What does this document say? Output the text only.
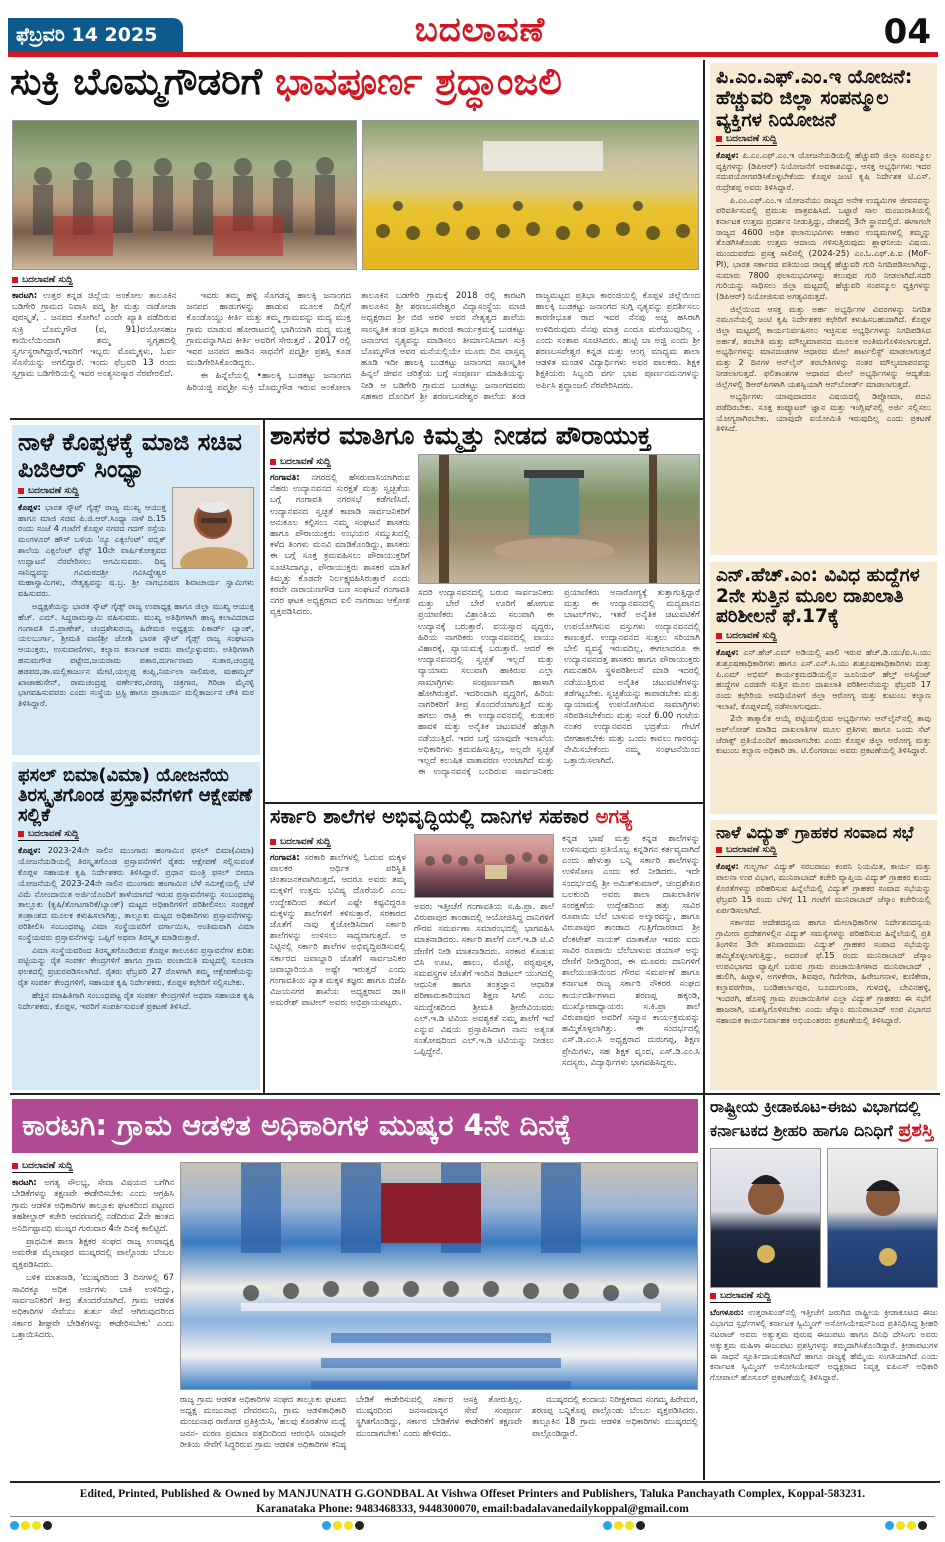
ಫೆಬ್ರವರಿ 14 2025	ಬದಲಾವಣೆ	04
ಸುಕ್ರಿ ಬೊಮ್ಮಗೌಡರಿಗೆ ಭಾವಪೂರ್ಣ ಶ್ರದ್ಧಾಂಜಲಿ
ಬದಲಾವಣೆ ಸುದ್ದಿ

ಕಾರಟಗಿ: ಉತ್ತರ ಕನ್ನಡ ಜಿಲ್ಲೆಯ ಅಂಕೋಲ ತಾಲೂಕಿನ ಬಡಿಗೇರಿ ಗ್ರಾಮದ ನಿವಾಸಿ ಪದ್ಮ ಶ್ರೀ ಮತ್ತು ನಾಡೋಜಾ ಪುರಸ್ಕೃತೆ, . ಜನಪದ ಕೋಗಿಲೆ ಎಂದೇ ಖ್ಯಾತಿ ಪಡೆದಿರುವ ಸುಕ್ರಿ ಬೊಮ್ಮಗೌಡ (ವ, 91)ವಯೋಸಹಜ ಕಾಯಿಲೆಯಿಂದಾಗಿ ತಮ್ಮ ಸ್ವಗೃಹದಲ್ಲಿ ಸ್ವರ್ಗಸ್ಥರಾಗಿದ್ದಾರೆ,ಇವರಿಗೆ ಇಬ್ಬರು ಮೊಮ್ಮಕ್ಕಳು, ಓರ್ವ ಸೊಸೆಯನ್ನು ಅಗಲಿದ್ದಾರೆ. ಇಂದು ಫೆಬ್ರವರಿ 13 ರಂದು ಸ್ವಗ್ರಾಮ ಬಡಿಗೇರಿಯಲ್ಲಿ ಇವರ ಅಂತ್ಯಸಂಸ್ಕಾರ ನೆರವೇರಲಿದೆ.

ಇವರು ತಮ್ಮ ಹಳ್ಳಿ ಸೊಗಡನ್ನ ಹಾಲಕ್ಕಿ ಜನಾಂಗದ ಜನಪದ ಹಾಡುಗಳನ್ನು ಹಾಡುವ ಮೂಲಕ ದಿಲ್ಲಿಗೆ ಕೊಂಡೊಯ್ದು ಕೀರ್ತಿ ಮತ್ತು ತಮ್ಮ ಗ್ರಾಮವನ್ನು ಮದ್ಯ ಮುಕ್ತ ಗ್ರಾಮ ಮಾಡುವ ಹೋರಾಟದಲ್ಲಿ ಭಾಗಿಯಾಗಿ ಮದ್ಯ ಮುಕ್ತ ಗ್ರಾಮವನ್ನಾಗಿಸಿದ ಕೀರ್ತಿ ಅವರಿಗೆ ಸೇರುತ್ತದೆ . 2017 ರಲ್ಲಿ ಇವರ ಜನಪದ ಹಾಡಿನ ಸಾಧನೆಗೆ ಪದ್ಮಶ್ರೀ ಪ್ರಶಸ್ತಿ ಕೂಡ ಮುಡಿಗೇರಿಸಿಕೊಂಡಿದ್ದರು.

ಈ ಹಿನ್ನೆಲೆಯಲ್ಲಿ •ಹಾಲಕ್ಕಿ ಬುಡಕಟ್ಟು ಜನಾಂಗದ ಹಿರಿಯಜ್ಜಿ ಪದ್ಮಶ್ರೀ ಸುಕ್ರಿ ಬೊಮ್ಮಗೌಡ ಇರುವ ಅಂಕೋಲಾ ತಾಲೂಕಿನ ಬಡಗೇರಿ ಗ್ರಾಮಕ್ಕೆ 2018 ರಲ್ಲಿ ಕಾರಟಗಿ ತಾಲೂಕಿನ ಶ್ರೀ ಶರಣಬಸವೇಶ್ವರ ವಿದ್ಯಾಸಂಸ್ಥೆಯ ಮಾಜಿ ಅಧ್ಯಕ್ಷರಾದ ಶ್ರೀ ಬಿಜಿ ಅರಳಿ ಅವರ ನೇತೃತ್ವದ ಶಾಲೆಯ ಸಾಂಸ್ಕೃತಿಕ ತಂಡ ಪ್ರತಿಭಾ ಕಾರಂಜಿ ಕಾರ್ಯಕ್ರಮಕ್ಕೆ ಬುಡಕಟ್ಟು ಜನಾಂಗದ ನೃತ್ಯವನ್ನು ಮಾಡಿಸಲು ತೀರ್ಮಾನಿಸಿದಾಗ ಸುಕ್ರಿ ಬೊಮ್ಮಗೌಡ ಅವರ ಮನೆಯಲ್ಲಿಯೇ ಮೂರು ದಿನ ವಾಸ್ತವ್ಯ ಹೂಡಿ ಇದೀ ಹಾಲಕ್ಕಿ ಬುಡಕಟ್ಟು ಜನಾಂಗದ ಸಾಂಸ್ಕೃತಿಕ ಹಿನ್ನಲೆ ಜೀವನ ಚರಿತ್ರೆಯ ಬಗ್ಗೆ ಸಂಪೂರ್ಣ ಮಾಹಿತಿಯನ್ನು ನೀಡಿ ಆ ಬಡಿಗೇರಿ ಗ್ರಾಮದ ಬುಡಕಟ್ಟು ಜನಾಂಗದವರು ಸಹಕಾರ ದೊಂದಿಗೆ ಶ್ರೀ ಶರಣಬಸವೇಶ್ವರ ಶಾಲೆಯ ತಂಡ ರಾಜ್ಯಮಟ್ಟದ ಪ್ರತಿಭಾ ಕಾರಂಜಿಯಲ್ಲಿ ಕೊಪ್ಪಳ ಜಿಲ್ಲೆಯಿಂದ ಹಾಲಕ್ಕಿ ಬುಡಕಟ್ಟು ಜನಾಂಗದ ಸುಗ್ಗಿ ನೃತ್ಯವನ್ನು ಪ್ರದರ್ಶಿಸಲು ಕಾರಣೀಭೂತ ರಾದ ಇವರ ನೆನಪು ಅಚ್ಚ ಹಸಿರಾಗಿ ಉಳಿದಿರುವುದು ನೆನಪು ಮಾತ್ರ ಎಂದೂ ಮರೆಯುವುದಿಲ್ಲ . ಎಂದು ಸಂತಾಪ ಸೂಚಿಸಿದರು. ಹುಟ್ಟಿ ಬಾ ಅಜ್ಜಿ ಎಂದು ಶ್ರೀ ಶರಣಬಸವೇಶ್ವರ ಕನ್ನಡ ಮತ್ತು ಆಂಗ್ಲ ಮಾಧ್ಯಮ ಶಾಲಾ ಆಡಳಿತ ಮಂಡಳಿ ವಿದ್ಯಾರ್ಥಿಗಳು ಅವರ ಪಾಲಕರು. ಶಿಕ್ಷಕ ಶಿಕ್ಷಕಿಯರು ಸಿಬ್ಬಂದಿ ವರ್ಗ ಭಾವ ಪೂರ್ಣನಮನಗಳನ್ನು ಅರ್ಪಿಸಿ ಶ್ರದ್ಧಾಂಜಲಿ ನೆರವೇರಿಸಿದರು.

ಪಿ.ಎಂ.ಎಫ್.ಎಂ.ಇ ಯೋಜನೆ: ಹೆಚ್ಚುವರಿ ಜಿಲ್ಲಾ ಸಂಪನ್ಮೂಲ ವ್ಯಕ್ತಿಗಳ ನಿಯೋಜನೆ
ಬದಲಾವಣೆ ಸುದ್ದಿ

ಕೊಪ್ಪಳ: ಪಿ.ಎಂ.ಎಫ್.ಎಂ.ಇ ಯೋಜನೆಯಡಿಯಲ್ಲಿ ಹೆಚ್ಚುವರಿ ಜಿಲ್ಲಾ ಸಂಪನ್ಮೂಲ ವ್ಯಕ್ತಿಗಳನ್ನು (ಡಿಪಿಆರ್) ನಿಯೋಜನೆಗೆ ಅವಕಾಶವಿದ್ದು, ಆಸಕ್ತ ಅಭ್ಯರ್ಥಿಗಳು ಇದರ ಸದುಪಯೋಗಪಡಿಸಿಕೊಳ್ಳಬೇಕೆಂದು ಕೊಪ್ಪಳ ಜಂಟಿ ಕೃಷಿ ನಿರ್ದೇಶಕ ಟಿ.ಎಸ್. ರುದ್ರೇಶಪ್ಪ ಅವರು ತಿಳಿಸಿದ್ದಾರೆ.

ಪಿ.ಎಂ.ಎಫ್.ಎಂ.ಇ ಯೋಜನೆಯು ರಾಜ್ಯದ ಅನೇಕ ಉದ್ಯಮಿಗಳ ಜೀವನವನ್ನು ಪರಿವರ್ತಿಸುವಲ್ಲಿ ಪ್ರಮುಖ ಪಾತ್ರವಹಿಸಿದೆ. ಒಟ್ಟಾರೆ ಸಾಲ ಮಂಜುರಾತಿಯಲ್ಲಿ ಕರ್ನಾಟಕ ಉತ್ತಮ ಪ್ರದರ್ಶನ ನೀಡುತ್ತಿದ್ದು, ದೇಶದಲ್ಲಿ 3ನೇ ಸ್ಥಾನದಲ್ಲಿದೆ. ಈಗಾಗಲೇ ರಾಜ್ಯದ 4600 ಅಧಿಕ ಫಲಾನುಭವಿಗಳು ಆಹಾರ ಉದ್ಯಮಗಳಲ್ಲಿ ತಮ್ಮನ್ನು ತೊಡಗಿಸಿಕೊಂಡು ಉತ್ತಮ ಆದಾಯ ಗಳಿಸುತ್ತಿರುವುದು ಶ್ಲಾಘನೀಯ ವಿಷಯ. ಮುಂದುವರೆದು ಪ್ರಸಕ್ತ ಸಾಲಿನಲ್ಲಿ (2024-25) ಎಂ.ಓ.ಎಫ್.ಪಿ.ಐ (MoF-PI), ಭಾರತ ಸರ್ಕಾರದ ವತಿಯಿಂದ ರಾಜ್ಯಕ್ಕೆ ಹೆಚ್ಚುವರಿ ಗುರಿ ನಿಗದಿಪಡಿಸಲಾಗಿದ್ದು, ಸುಮಾರು 7800 ಫಲಾನುಭವಿಗಳನ್ನು ತಲುಪುವ ಗುರಿ ನೀಡಲಾಗಿದೆ.ಸದರಿ ಗುರಿಯನ್ನು ಸಾಧಿಸಲು ಜಿಲ್ಲಾ ಮಟ್ಟದಲ್ಲಿ ಹೆಚ್ಚುವರಿ ಸಂಪನ್ಮೂಲ ವ್ಯಕ್ತಿಗಳನ್ನು (ಡಿಪಿಆರ್) ನಿಯೋಜಿಸುವ ಅಗತ್ಯವಿರುತ್ತದೆ.

ಜಿಲ್ಲೆಯಿಂದ ಆಸಕ್ತ ಮತ್ತು ಅರ್ಹ ಅಭ್ಯರ್ಥಿಗಳ ವಿವರಗಳನ್ನು ನಿಗದಿತ ನಮೂನೆಯಲ್ಲಿ ಜಂಟಿ ಕೃಷಿ ನಿರ್ದೇಶಕರ ಕಛೇರಿಗೆ ಕಳುಹಿಸಬಹುದಾಗಿದೆ. ಕೊಪ್ಪಳ ಜಿಲ್ಲಾ ಮಟ್ಟದಲ್ಲಿ ಕಾರ್ಯನಿರ್ವಹಿಸಲು ಇಚ್ಛಿಸುವ ಅಭ್ಯರ್ಥಿಗಳನ್ನು ನಿಗದಿಪಡಿಸಿದ ಅರ್ಹತೆ, ತರಬೇತಿ ಮತ್ತು ಮೌಲ್ಯಮಾಪನದ ಮೂಲಕ ಅಂತಿಮಗೊಳಿಸಲಾಗುತ್ತದೆ. ಅಭ್ಯರ್ಥಿಗಳನ್ನು ಮಾನದಂಡಗಳ ಆಧಾರದ ಮೇಲೆ ಶಾರ್ಟಲಿಸ್ಟ್ ಮಾಡಲಾಗುತ್ತದೆ ಮತ್ತು 2 ದಿನಗಳ ಆನ್‌ಲೈನ್ ತರಬೇತಿಗಳನ್ನು ನಂತರ ಮೌಲ್ಯಮಾಪನವನ್ನು ನೀಡಲಾಗುತ್ತದೆ. ಫಲಿತಾಂಶಗಳ ಆಧಾರದ ಮೇಲೆ ಅಭ್ಯರ್ಥಿಗಳನ್ನು ಆದ್ಯತೆಯ ಜಿಲ್ಲೆಗಳಲ್ಲಿ ಡಿಆರ್‌ಪಿಗಳಾಗಿ ಯಶಸ್ವಿಯಾಗಿ ಆನ್‌ಬೋರ್ಡ್ ಮಾಡಲಾಗುತ್ತದೆ.

ಅಭ್ಯರ್ಥಿಗಳು ಯಾವುದಾದರೂ ವಿಷಯದಲ್ಲಿ ಡಿಪ್ಲೋಮಾ, ಪದವಿ ಪಡೆದಿರಬೇಕು. ಸೂಕ್ತ ಕಂಪ್ಯೂಟರ್ ಜ್ಞಾನ ಮತ್ತು ಇಂಗ್ಲಿಷ್‌ನಲ್ಲಿ ಅರ್ಜಿ ಸಲ್ಲಿಸಲು ಯೋಗ್ಯರಾಗಿರಬೇಕು. ಯಾವುದೇ ವಯೋಮಿತಿ ಇರುವುದಿಲ್ಲ ಎಂದು ಪ್ರಕಟಣೆ ತಿಳಿಸಿದೆ.

ನಾಳೆ ಕೊಪ್ಪಳಕ್ಕೆ ಮಾಜಿ ಸಚಿವ ಪಿಜಿಆರ್ ಸಿಂಧ್ಯಾ
ಬದಲಾವಣೆ ಸುದ್ದಿ

ಕೊಪ್ಪಳ: ಭಾರತ ಸ್ಕೌಟ್ ಗೈಡ್ಸ್ ರಾಜ್ಯ ಮುಖ್ಯ ಆಯುಕ್ತ ಹಾಗೂ ಮಾಜಿ ಸಚಿವ ಪಿ.ಜಿ.ಆರ್.ಸಿಂಧ್ಯಾ ನಾಳೆ ದಿ.15 ರಂದು ಸಂಜೆ 4 ಗಂಟೆಗೆ ಕೊಪ್ಪಳ ನಗರದ ಗದಗ್ ರಸ್ತೆಯ ಮಂಗಳೂರ್ ಹೌಸ್ ಬಳಿಯ 'ನ್ಯೂ ಎಕ್ಸಲೆಂಟ್' ಪಬ್ಲಿಕ್ ಶಾಲೆಯ ಎಕ್ಸಲೆಂಟ್ ಫೆಸ್ಟ್ 10ನೇ ವಾರ್ಷಿಕೋತ್ಸವದ ಉದ್ಘಾಟನೆ ನೆರವೇರಿಸಲು ಆಗಮಿಸುವರು. ದಿವ್ಯ ಸಾನಿಧ್ಯವನ್ನು ಗವಿಮಠದಶ್ರೀ ಗವಿಸಿದ್ದೇಶ್ವರ ಮಹಾಸ್ವಾಮಿಗಳು, ನೇತೃತ್ವವನ್ನು ಷ.ಬ್ರ. ಶ್ರೀ ನಾಗಭೂಷಣ ಶಿವಾಚಾರ್ಯ ಸ್ವಾಮಿಗಳು ವಹಿಸುವರು.

ಅಧ್ಯಕ್ಷತೆಯನ್ನು ಭಾರತ ಸ್ಕೌಟ್ ಗೈಡ್ಸ್ ರಾಜ್ಯ ಉಪಾಧ್ಯಕ್ಷ ಹಾಗೂ ಜಿಲ್ಲಾ ಮುಖ್ಯ ಆಯುಕ್ತ ಹೆಚ್. ಎಮ್. ಸಿದ್ಧರಾಮಸ್ವಾಮಿ ವಹಿಸುವರು. ಮುಖ್ಯ ಅತಿಥಿಗಳಾಗಿ ಹಾಸ್ಯ ಕಲಾವಿದರಾದ ಗಂಗಾವತಿ ಬಿ.ಪ್ರಾಣೇಶ್, ಚಂದ್ರಶೇಖರಯ್ಯ ಹಿರೇಮಠ ಅಧ್ಯಕ್ಷರು ಪಿಕಾರ್ಡ್ ಬ್ಯಾಂಕ್, ಯಲಬುರ್ಗಾ, ಶ್ರೀಮತಿ ವಾಣಿಶ್ರೀ ಜೋಶಿ ಭಾರತ ಸ್ಕೌಟ್ ಗೈಡ್ಸ್ ರಾಜ್ಯ ಸಂಘಟನಾ ಆಯುಕ್ತರು, ಉಸುವಾಣಿಗಳು, ಕಲ್ಯಾಣ ಕರ್ನಾಟಕ ಅವರು ಪಾಲ್ಗೊಳ್ಳುವರು. ಅತಿಥಿಗಳಾಗಿ ಹನುಮಗೌಡ ಪಟ್ಟೇದ,ಜಯರಾಮ ಪತಾರ,ದುರ್ಗಾರಾಮ ಸುತಾರ,ಚಂದ್ರಪ್ಪ ಹಡಪದ,ಡಾ.ಮಲ್ಲಿಕಾರ್ಜುನ ಮೇಟಿ,ಯಲ್ಲಪ್ಪ ಕಂಪ್ಲಿ,ನಿರ್ಮಲಾ ಸಾಲಿಮಠ, ಮಹಮ್ಮದ್ ಖಾಜಾಹುಸೇನ್, ರಾಮಚಂದ್ರಪ್ಪ ವರ್ಣೇಕರ,ವೀರಣ್ಣ ಚಿತ್ರಗಾರ, ಗಿರಿಜಾ ಮೈನಳ್ಳಿ ಭಾಗವಹಿಸುವವರು ಎಂದು ಸಂಸ್ಥೆಯ ಟ್ರಸ್ಟಿ ಹಾಗೂ ಪ್ರಾಚಾರ್ಯ ಮಲ್ಲಿಕಾರ್ಜುನ ಚೌಕಿ ಮಠ ತಿಳಿಸಿದ್ದಾರೆ.

ಶಾಸಕರ ಮಾತಿಗೂ ಕಿಮ್ಮತ್ತು ನೀಡದ ಪೌರಾಯುಕ್ತ
ಬದಲಾವಣೆ ಸುದ್ದಿ

ಗಂಗಾವತಿ: ನಗರದಲ್ಲಿ ಹೆಸರುವಾಸಿಯಾಗಿರುವ ನೆಹರು ಉದ್ಯಾನವನದ ಸುರಕ್ಷತೆ ಮತ್ತು ಸ್ವಚ್ಛತೆಯ ಬಗ್ಗೆ ಗಂಗಾವತಿ ನಗರಸಭೆ ಕಡೆಗಣಿಸಿದೆ. ಉದ್ಯಾನವನದ ಸ್ವಚ್ಛತೆ ಕಾಪಾಡಿ ಸಾರ್ವಜನಿಕರಿಗೆ ಅನುಕೂಲ ಕಲ್ಪಿಸಲು ನಮ್ಮ ಸಂಘಟನೆ ಶಾಸಕರು ಹಾಗೂ ಪೌರಾಯುಕ್ತರು ಉಭಯರ ಸಮ್ಮುಖದಲ್ಲಿ ಕಳೆದ ತಿಂಗಳು ಮನವಿ ಮಾಡಿಕೊಂಡಿದ್ದು, ಶಾಸಕರು ಈ ಬಗ್ಗೆ ಸೂಕ್ತ ಕ್ರಮವಹಿಸಲು ಪೌರಾಯುಕ್ತರಿಗೆ ಸೂಚಿಸಿದಾಗ್ಯೂ, ಪೌರಾಯುಕ್ತರು ಶಾಸಕರ ಮಾತಿಗೆ ಕಿಮ್ಮತ್ತು ಕೊಡದೇ ನಿರ್ಲಕ್ಷ್ಯವಹಿಸಿರುತ್ತಾರೆ ಎಂದು ಕರವೇ ನಾರಾಯಣಗೌಡ ಬಣ ಸಂಘಟನೆ ಗಂಗಾವತಿ ನಗರ ಘಟಕ ಅಧ್ಯಕ್ಷರಾದ ಐಲಿ ನಾಗರಾಜು ಆಕ್ರೋಶ ವ್ಯಕ್ತಪಡಿಸಿದರು.

ಸದರಿ ಉದ್ಯಾನವನದಲ್ಲಿ ಬರುವ ಸಾರ್ವಜನಿಕರು ಮತ್ತು ಬೇರೆ ಬೇರೆ ಊರಿಗೆ ಹೋಗುವ ಪ್ರಯಾಣಿಕರು ವಿಶ್ರಾಂತಿಯ ಸಲುವಾಗಿ ಈ ಉದ್ಯಾನಕ್ಕೆ ಬರುತ್ತಾರೆ. ವಯಸ್ಸಾದ ವೃದ್ಧರು, ಹಿರಿಯ ನಾಗರಿಕರು ಉದ್ಯಾನವನದಲ್ಲಿ ವಾಯು ವಿಹಾರಕ್ಕೆ, ವ್ಯಾಯಮಕ್ಕೆ ಬರುತ್ತಾರೆ. ಆದರೆ ಈ ಉದ್ಯಾನವನದಲ್ಲಿ ಸ್ವಚ್ಛತೆ ಇಲ್ಲದೆ ಮತ್ತು ವ್ಯಾಯಾಮ ಸಲುವಾಗಿ ಹಾಕಿರುವ ಎಲ್ಲಾ ಸಾಮಾಗ್ರಿಗಳು ಸಂಪೂರ್ಣವಾಗಿ ಹಾಳಾಗಿ ಹೋಗಿರುತ್ತವೆ. ಇದರಿಂದಾಗಿ ವೃದ್ಧರಿಗೆ, ಹಿರಿಯ ನಾಗರಿಕರಿಗೆ ತೀವ್ರ ತೊಂದರೆಯಾಗುತ್ತಿದೆ ಮತ್ತು ಹಗಲು ರಾತ್ರಿ ಈ ಉದ್ಯಾನವನದಲ್ಲಿ ಕುಡುಕರ ಹಾವಳಿ ಮತ್ತು ಅನೈತಿಕ ಚಟುವಟಿಕೆ ಹೆಚ್ಚಾಗಿ ನಡೆಯುತ್ತಿದೆ. ಇದರ ಬಗ್ಗೆ ಯಾವುದೇ ಇಲಾಖೆಯ ಅಧಿಕಾರಿಗಳು ಕ್ರಮವಹಿಸುತ್ತಿಲ್ಲ, ಅಲ್ಲದೇ ಸ್ವಚ್ಛತೆ ಇಲ್ಲದೆ ಕಲುಷಿತ ವಾತಾವರಣ ಉಂಟಾಗಿದೆ ಮತ್ತು ಈ ಉದ್ಯಾನವನಕ್ಕೆ ಬಂದಿರುವ ಸಾರ್ವಜನಿಕರು ಪ್ರಯಾಣಿಕರು ಅನಾರೋಗ್ಯಕ್ಕೆ ತುತ್ತಾಗುತ್ತಿದ್ದಾರೆ ಮತ್ತು ಈ ಉದ್ಯಾನವನದಲ್ಲಿ ಮದ್ಯಪಾನದ ಬಾಟಲ್‌ಗಳು, ಇತರೆ ಅನೈತಿಕ ಚಟುವಟಿಕೆಗೆ ಉಪಯೋಗಿಸುವ ವಸ್ತುಗಳು ಉದ್ಯಾನವನದಲ್ಲಿ ಕಾಣುತ್ತವೆ. ಉದ್ಯಾನವನದ ಸುತ್ತಲು ಸರಿಯಾಗಿ ಬೇಲಿ ವ್ಯವಸ್ಥೆ ಇರುವದಿಲ್ಲ, ಈಗಲಾದರೂ ಈ ಉದ್ಯಾನವನದತ್ತ ಶಾಸಕರು ಹಾಗೂ ಪೌರಾಯುಕ್ತರು ಗಮನಹರಿಸಿ ಸ್ಥಳಪರಿಶೀಲನೆ ಮಾಡಿ ಇದರಲ್ಲಿ ನಡೆಯುತ್ತಿರುವ ಅನೈತಿಕ ಚಟುವಟಿಕೆಗಳನ್ನು ತಡೆಗಟ್ಟಬೇಕು. ಸ್ವಚ್ಛತೆಯನ್ನು ಕಾಪಾಡಬೇಕು ಮತ್ತು ವ್ಯಾಯಾಮಕ್ಕೆ ಉಪಯೋಗಿಸುವ ಸಾಮಾಗ್ರಿಗಳು ಸರಿಪಡಿಸಬೇಕೆಂದು ಮತ್ತು ಸಂಜೆ 6.00 ಗಂಟೆಯ ನಂತರ ಉದ್ಯಾನವನದ ಭದ್ರತೆಯ ಗೇಟಿಗೆ ಬೀಗಹಾಕಬೇಕು ಮತ್ತು ಒಂದು ಕಾವಲು ಗಾರರನ್ನು ನೇಮಿಸಬೇಕೆಂದು ನಮ್ಮ ಸಂಘಟನೆಯಿಂದ ಒತ್ತಾಯಿಸಲಾಗಿದೆ.

ಎನ್.ಹೆಚ್.ಎಂ: ವಿವಿಧ ಹುದ್ದೆಗಳ 2ನೇ ಸುತ್ತಿನ ಮೂಲ ದಾಖಲಾತಿ ಪರಿಶೀಲನೆ ಫೆ.17ಕ್ಕೆ
ಬದಲಾವಣೆ ಸುದ್ದಿ

ಕೊಪ್ಪಳ: ಎನ್.ಹೆಚ್.ಎಮ್ ಅಡಿಯಲ್ಲಿ ಖಾಲಿ ಇರುವ ಹೆಚ್.ಡಿ.ಯು/ಐ.ಸಿ.ಯು ಶುಶ್ರೂಷಣಾಧಿಕಾರಿಗಳು ಹಾಗೂ ಎಸ್.ಎನ್.ಸಿ.ಯು ಶುಶ್ರೂಷಣಾಧಿಕಾರಿಗಳು ಮತ್ತು ಪಿ.ಎಮ್ ಅಭಿಮ್ ಕಾರ್ಯಕ್ರಮದಡಿಯಲ್ಲಿನ ಜೂನಿಯರ್ ಹೆಲ್ತ್ ಅಸಿಸ್ಟೆಂಟ್ ಹುದ್ದೆಗಳ ಎರಡನೇ ಸುತ್ತಿನ ಮೂಲ ದಾಖಲಾತಿ ಪರಿಶೀಲನೆಯನ್ನು ಫೆಬ್ರವರಿ 17 ರಂದು ಕಛೇರಿಯ ಅವಧಿಯೊಳಗೆ ಜಿಲ್ಲಾ ಆರೋಗ್ಯ ಮತ್ತು ಕುಟುಂಬ ಕಲ್ಯಾಣ ಇಲಾಖೆ, ಕೊಪ್ಪಳದಲ್ಲಿ ನಡೆಸಲಾಗುವುದು.

2ನೇ ತಾತ್ಕಾಲಿಕ ಆಯ್ಕೆ ಪಟ್ಟಿಯಲ್ಲಿರುವ ಅಭ್ಯರ್ಥಿಗಳು ಆನ್‌ಲೈನ್‌ನಲ್ಲಿ ತಾವು ಅಪ್‌ಲೋಡ್ ಮಾಡಿದ ದಾಖಲಾತಿಗಳ ಮೂಲ ಪ್ರತಿಗಳು ಹಾಗೂ ಒಂದು ಸೆಟ್ ಜೆರಾಕ್ಸ್ ಪ್ರತಿಯೊಂದಿಗೆ ಹಾಜರಾಗಬೇಕು ಎಂದು ಕೊಪ್ಪಳ ಜಿಲ್ಲಾ ಆರೋಗ್ಯ ಮತ್ತು ಕುಟುಂಬ ಕಲ್ಯಾಣ ಅಧಿಕಾರಿ ಡಾ. ಟಿ.ಲಿಂಗರಾಜು ಅವರು ಪ್ರಕಟಣೆಯಲ್ಲಿ ತಿಳಿಸಿದ್ದಾರೆ.

ಫಸಲ್ ಬಿಮಾ(ವಿಮಾ) ಯೋಜನೆಯ ತಿರಸ್ಕೃತಗೊಂಡ ಪ್ರಸ್ತಾವನೆಗಳಿಗೆ ಆಕ್ಷೇಪಣೆ ಸಲ್ಲಿಕೆ
ಬದಲಾವಣೆ ಸುದ್ದಿ

ಕೊಪ್ಪಳ: 2023-24ನೇ ಸಾಲಿನ ಮುಂಗಾರು ಹಂಗಾಮಿನ ಫಸಲ್ ಬಿಮಾ(ವಿಮಾ) ಯೋಜನೆಯಡಿಯಲ್ಲಿ ತಿರಸ್ಕೃತಗೊಂಡ ಪ್ರಸ್ತಾವನೆಗಳಿಗೆ ರೈತರು ಆಕ್ಷೇಪಣೆ ಸಲ್ಲಿಸುವಂತೆ ಕೊಪ್ಪಳ ಸಹಾಯಕ ಕೃಷಿ ನಿರ್ದೇಶಕರು ತಿಳಿಸಿದ್ದಾರೆ. ಪ್ರಧಾನ ಮಂತ್ರಿ ಫಸಲ್ ಬೀಮಾ ಯೋಜನೆಯಲ್ಲಿ 2023-24ನೇ ಸಾಲಿನ ಮುಂಗಾರು ಹಂಗಾಮಿನ ಬೆಳೆ ಸಮೀಕ್ಷೆಯಲ್ಲಿ ಬೆಳೆ ವಿಮೆ ನೋಂದಾಯಿತ ಅರ್ಜಿಯೊಂದಿಗೆ ತಾಳೆಯಾಗದೆ ಇರುವ ಪ್ರಸ್ತಾವನೆಗಳನ್ನು ಸಂಬಂಧಪಟ್ಟ ತಾಲ್ಲೂಕು (ಕೃಷಿ/ತೋಟಗಾರಿಕೆ/ಬ್ಯಾಂಕ್) ಮಟ್ಟದ ಅಧಿಕಾರಿಗಳಿಗೆ ಪರಿಶೀಲಿಸಲು ಸಂರಕ್ಷಣೆ ತಂತ್ರಾಂಶದ ಮೂಲಕ ಕಳುಹಿಸಲಾಗಿತ್ತು, ತಾಲ್ಲೂಕು ಮಟ್ಟದ ಅಧಿಕಾರಿಗಳು ಪ್ರಸ್ತಾವನೆಗಳನ್ನು ಪರಿಶೀಲಿಸಿ ಸಂಬಂಧಪಟ್ಟ ವಿಮಾ ಸಂಸ್ಥೆಯವರಿಗೆ ವರ್ಗಾಯಿಸಿ, ಅಂತಿಮವಾಗಿ ವಿಮಾ ಸಂಸ್ಥೆಯವರು ಪ್ರಸ್ತಾವನೆಗಳನ್ನು ಒಪ್ಪಿಗೆ ಅಥವಾ ತಿರಸ್ಕೃತ ಮಾಡಿರುತ್ತಾರೆ.

ವಿಮಾ ಸಂಸ್ಥೆಯವರಿಂದ ತಿರಸ್ಕೃತಗೊಂಡಿರುವ ಕೊಪ್ಪಳ ತಾಲೂಕಿನ ಪ್ರಸ್ತಾವನೆಗಳ ಕುರಿತು ಪಟ್ಟಿಯನ್ನು ರೈತ ಸಂಪರ್ಕ ಕೇಂದ್ರಗಳಿಗೆ ಹಾಗೂ ಗ್ರಾಮ ಪಂಚಾಯಿತಿ ಮಟ್ಟದಲ್ಲಿ ಸೂಚನಾ ಫಲಕದಲ್ಲಿ ಪ್ರಚುರಪಡಿಸಲಾಗಿದೆ. ರೈತರು ಫೆಬ್ರವರಿ 27 ರೊಳಗಾಗಿ ತಮ್ಮ ಆಕ್ಷೇಪಣೆಯನ್ನು ರೈತ ಸಂಪರ್ಕ ಕೇಂದ್ರಗಳಿಗೆ, ಸಹಾಯಕ ಕೃಷಿ ನಿರ್ದೇಶಕರು, ಕೊಪ್ಪಳ ಕಛೇರಿಗೆ ಸಲ್ಲಿಸಬೇಕು.

ಹೆಚ್ಚಿನ ಮಾಹಿತಿಗಾಗಿ ಸಂಬಂಧಪಟ್ಟ ರೈತ ಸಂಪರ್ಕ ಕೇಂದ್ರಗಳಿಗೆ ಅಥವಾ ಸಹಾಯಕ ಕೃಷಿ ನಿರ್ದೇಶಕರು, ಕೊಪ್ಪಳ, ಇವರಿಗೆ ಸಂಪರ್ಕಿಸುವಂತೆ ಪ್ರಕಟಣೆ ತಿಳಿಸಿದೆ.

ಸರ್ಕಾರಿ ಶಾಲೆಗಳ ಅಭಿವೃದ್ಧಿಯಲ್ಲಿ ದಾನಿಗಳ ಸಹಕಾರ ಅಗತ್ಯ
ಬದಲಾವಣೆ ಸುದ್ದಿ

ಗಂಗಾವತಿ: ಸರಕಾರಿ ಶಾಲೆಗಳಲ್ಲಿ ಓದುವ ಮಕ್ಕಳ ಪಾಲಕರ ಆರ್ಥಿಕ ಪರಿಸ್ಥಿತಿ ಚಿಂತಾಜನಕವಾಗಿರುತ್ತದೆ. ಆದರೂ ಅವರು ತಮ್ಮ ಮಕ್ಕಳಿಗೆ ಉತ್ತಮ ಭವಿಷ್ಯ ದೊರೆಯಲಿ ಎಂಬ ಉದ್ದೇಶದಿಂದ ತಮಗೆ ಎಷ್ಟೇ ಕಷ್ಟವಿದ್ದರೂ ಮಕ್ಕಳನ್ನು ಶಾಲೆಗಳಿಗೆ ಕಳಿಸುತ್ತಾರೆ. ಸರಕಾರದ ಜೊತೆಗೆ ನಾವು ಕೈಜೋಡಿಸಿದಾಗ ಸರ್ಕಾರಿ ಶಾಲೆಗಳನ್ನು ಉಳಿಸಲು ಸಾಧ್ಯವಾಗುತ್ತದೆ. ಆ ನಿಟ್ಟಿನಲ್ಲಿ ಸರ್ಕಾರಿ ಶಾಲೆಗಳ ಅಭಿವೃದ್ಧಿಪಡಿಸುವಲ್ಲಿ ಸರ್ಕಾರದ ಜವಾಬ್ದಾರಿ ಜೊತೆಗೆ ಸಾರ್ವಜನಿಕರ ಜವಾಬ್ದಾರಿಯೂ ಅಷ್ಟೇ ಇರುತ್ತದೆ ಎಂದು ಗಂಗಾವತಿಯ ಖ್ಯಾತ ಮಕ್ಕಳ ತಜ್ಞರು ಹಾಗೂ ಬಿಜೆಪಿ ವಿಜಯನಗರ ಶಾಖೆಯ ಅಧ್ಯಕ್ಷರಾದ ಡಾ॥ ಅಮರೇಶ್ ಪಾಟೀಲ್ ಅವರು ಅಭಿಪ್ರಾಯಪಟ್ಟರು.

ಅವರು ಇತ್ತೀಚೆಗೆ ಗಂಗಾವತಿಯ ಸ.ಹಿ.ಪ್ರಾ. ಶಾಲೆ ವಿರುಪಾಪುರ ತಾಂಡಾದಲ್ಲಿ ಆಯೋಜಿಸಿದ್ದ ದಾನಿಗಳಿಗೆ ಗೌರವ ಸಮರ್ಪಣಾ ಸಮಾರಂಭದಲ್ಲಿ ಭಾಗವಹಿಸಿ ಮಾತನಾಡಿದರು. ಸರ್ಕಾರಿ ಶಾಲೆಗೆ ಎಲ್.ಇ.ಡಿ ಟಿ.ವಿ ದೇಣಿಗೆ ನೀಡಿ ಮಾತನಾಡಿದರು. ಸರಕಾರ ಕೊಡುವ ಬಿಸಿ ಊಟ, ಹಾಲು, ಮೊಟ್ಟೆ, ಪಠ್ಯಪುಸ್ತಕ, ಸಮವಸ್ತ್ರಗಳ ಜೊತೆಗೆ ಇಂದಿನ ಡಿಜಿಟಲ್ ಯುಗದಲ್ಲಿ ಆಧುನಿಕ ಹಾಗೂ ತಂತ್ರಜ್ಞಾನ ಆಧಾರಿತ ಪರಿಣಾಮಕಾರಿಯಾದ ಶಿಕ್ಷಣ ಸಿಗಲಿ ಎಂಬ ಸದುದ್ದೇಶದಿಂದ ಶ್ರೀಮತಿ ಶ್ರೀದೇವಿಯವರು ಎಲ್.ಇ.ಡಿ ಟಿವಿಯ ಅವಶ್ಯಕತೆ ನಮ್ಮ ಶಾಲೆಗೆ ಇದೆ ಎನ್ನುವ ವಿಷಯ ಪ್ರಸ್ತಾಪಿಸಿದಾಗ ನಾನು ಅತ್ಯಂತ ಸಂತೋಷದಿಂದ ಎಲ್.ಇ.ಡಿ ಟಿವಿಯನ್ನು ನೀಡಲು ಒಪ್ಪಿದ್ದೇನೆ.

ಕನ್ನಡ ಭಾಷೆ ಮತ್ತು ಕನ್ನಡ ಶಾಲೆಗಳನ್ನು ಉಳಿಸುವುದು ಪ್ರತಿಯೊಬ್ಬ ಕನ್ನಡಿಗನ ಕರ್ತವ್ಯವಾಗಿದೆ ಎಂದು ಹೇಳುತ್ತಾ ಬನ್ನಿ ಸರ್ಕಾರಿ ಶಾಲೆಗಳನ್ನು ಉಳಿಸೋಣ ಎಂದು ಕರೆ ನೀಡಿದರು. ಇದೇ ಸಂದರ್ಭದಲ್ಲಿ ಶ್ರೀ ಅಮಿತ್‌ಕುಮಾರ್, ಚಂದ್ರಶೇಖರ ಬಲಕುಂದಿ ಅವರು ಶಾಲಾ ದಾಖಲಾತಿಗಳ ಸಂರಕ್ಷಣೆಯ ಉದ್ದೇಶದಿಂದ ಹತ್ತು ಸಾವಿರ ರೂಪಾಯಿ ಬೆಲೆ ಬಾಳುವ ಅಲ್ಮಾರವನ್ನು, ಹಾಗೂ ವಿರುಪಾಪುರ ತಾಂಡಾದ ಗುತ್ತಿಗೆದಾರರಾದ ಶ್ರೀ ವೆಂಕಟೇಶ್ ನಾಯಕ್ ಮಾತಾಕೋ ಇವರು ಐದು ಸಾವಿರ ರೂಪಾಯಿ ಬೆಲೆಬಾಳುವ ಡಯಾಸ್ ಅನ್ನು ದೇಣಿಗೆ ನೀಡಿದ್ದರಿಂದ, ಈ ಮೂವರು ದಾನಿಗಳಿಗೆ ಶಾಲೆಯುಪತಿಯಿಂದ ಗೌರವ ಸಮರ್ಪಣೆ ಹಾಗೂ ಕರ್ನಾಟಕ ರಾಜ್ಯ ಸರ್ಕಾರಿ ನೌಕರರ ಸಂಘದ ಕಾರ್ಯದರ್ಶಿಗಳಾದ ಶರಣಪ್ಪ ಹಕ್ಕಂಡಿ, ಮುಖ್ಯೋಪಾಧ್ಯಾಯರು ಸ.ಕಿ.ಪ್ರಾ ಶಾಲೆ ವಿರುಪಾಪುರ ಅವರಿಗೆ ಸನ್ಮಾನ ಕಾರ್ಯಕ್ರಮವನ್ನು ಹಮ್ಮಿಕೊಳ್ಳಲಾಗಿತ್ತು. ಈ ಸಂದರ್ಭದಲ್ಲಿ ಎಸ್.ಡಿ.ಎಂ.ಸಿ ಅಧ್ಯಕ್ಷರಾದ ದುರುಗಪ್ಪ, ಶಿಕ್ಷಣ ಪ್ರೇಮಿಗಳು, ಸಹ ಶಿಕ್ಷಕ ವೃಂದ, ಎಸ್.ಡಿ.ಎಂ.ಸಿ ಸದಸ್ಯರು, ವಿದ್ಯಾರ್ಥಿಗಳು ಭಾಗವಹಿಸಿದ್ದರು.

ನಾಳೆ ವಿದ್ಯುತ್ ಗ್ರಾಹಕರ ಸಂವಾದ ಸಭೆ
ಬದಲಾವಣೆ ಸುದ್ದಿ

ಕೊಪ್ಪಳ: ಗುಲ್ಬರ್ಗಾ ವಿದ್ಯುತ್ ಸರಬರಾಜು ಕಂಪನಿ ನಿಯಮಿತ, ಕಾರ್ಯ ಮತ್ತು ಪಾಲನಾ ಉಪ ವಿಭಾಗ, ಮುನಿರಾಬಾದ್ ಕಚೇರಿ ವ್ಯಾಪ್ತಿಯ ವಿದ್ಯುತ್ ಗ್ರಾಹಕರ ಕುಂದು ಕೊರತೆಗಳನ್ನು ಪರಿಹರಿಸುವ ಹಿನ್ನೆಲೆಯಲ್ಲಿ ವಿದ್ಯುತ್ ಗ್ರಾಹಕರ ಸಂವಾದ ಸಭೆಯನ್ನು ಫೆಬ್ರವರಿ 15 ರಂದು ಬೆಳಿಗ್ಗೆ 11 ಗಂಟೆಗೆ ಮುನಿರಾಬಾದ್ ಜೆಸ್ಕಾಂ ಕಚೇರಿಯಲ್ಲಿ ಏರ್ಪಡಿಸಲಾಗಿದೆ.

ಸರ್ಕಾರದ ಆದೇಶದನ್ವಯ ಹಾಗೂ ಮೇಲಾಧಿಕಾರಿಗಳ ನಿರ್ದೇಶನದನ್ವಯ ಗ್ರಾಮೀಣ ಪ್ರದೇಶಗಳಲ್ಲಿನ ವಿದ್ಯುತ್ ಸಮಸ್ಯೆಗಳನ್ನು ಪರಿಹರಿಸುವ ಹಿನ್ನೆಲೆಯಲ್ಲಿ ಪ್ರತಿ ತಿಂಗಳಿನ 3ನೇ ಶನಿವಾರದಂದು ವಿದ್ಯುತ್ ಗ್ರಾಹಕರ ಸಂವಾದ ಸಭೆಯನ್ನು ಹಮ್ಮಿಕೊಳ್ಳಲಾಗುತ್ತಿದ್ದು, ಅದರಂತೆ ಫೆ.15 ರಂದು ಮುನಿರಾಬಾದ್ ಜೆಸ್ಕಾಂ ಉಪವಿಭಾಗದ ವ್ಯಾಪ್ತಿಗೆ ಬರುವ ಗ್ರಾಮ ಪಂಚಾಯಿತಿಗಳಾದ ಮುನಿರಾಬಾದ್ , ಹುಲಿಗಿ, ಹಿಟ್ನಾಳ, ಅಗಳಕೇರಾ, ಶಿವಪುರ, ಗಿಣಿಗೇರಾ, ಹಿರೇಬಗನಾಳ, ಕುಣಿಕೇರಾ, ಕಲ್ತಾವರಗೇರಾ, ಬಂಡಿಹರ್ಲಾಪುರ, ಬೂದುಗುಂಪಾ, ಗುಳದಳ್ಳಿ, ಬೇವಿನಹಳ್ಳಿ, ಇಂದರಗಿ, ಹೊಸಳ್ಳಿ ಗ್ರಾಮ ಪಂಚಾಯಿತಿಗಳ ಎಲ್ಲಾ ವಿದ್ಯುತ್ ಗ್ರಾಹಕರು ಈ ಸಭೆಗೆ ಹಾಜರಾಗಿ, ಯಶಸ್ವಿಗೊಳಿಸಬೇಕು ಎಂದು ಜೆಸ್ಕಾಂ ಮುನಿರಾಬಾದ್ ಉಪ ವಿಭಾಗದ ಸಹಾಯಕ ಕಾರ್ಯನಿರ್ವಾಹಕ ಅಭಿಯಂತರರು ಪ್ರಕಟಣೆಯಲ್ಲಿ ತಿಳಿಸಿದ್ದಾರೆ.

ಕಾರಟಗಿ: ಗ್ರಾಮ ಆಡಳಿತ ಅಧಿಕಾರಿಗಳ ಮುಷ್ಕರ 4ನೇ ದಿನಕ್ಕೆ
ಬದಲಾವಣೆ ಸುದ್ದಿ

ಕಾರಟಗಿ: ಅಗತ್ಯ ಸೌಲಭ್ಯ, ಸೇವಾ ವಿಷಯದ ಬಗೆಗಿನ ಬೇಡಿಕೆಗಳನ್ನು ತಕ್ಷಣವೇ ಈಡೇರಿಸಬೇಕು ಎಂದು ಆಗ್ರಹಿಸಿ ಗ್ರಾಮ ಆಡಳಿತ ಅಧಿಕಾರಿಗಳ ತಾಲ್ಲೂಕು ಘಟಕದಿಂದ ಪಟ್ಟಣದ ತಹಶೀಲ್ದಾರ್ ಕಚೇರಿ ಆವರಣದಲ್ಲಿ ನಡೆದಿರುವ 2ನೇ ಹಂತದ ಅನಿರ್ದಿಷ್ಟಾವಧಿ ಮುಷ್ಕರ ಗುರುವಾರ 4ನೇ ದಿನಕ್ಕೆ ಕಾಲಿಟ್ಟಿದೆ.

ಪ್ರಾಥಮಿಕ ಶಾಲಾ ಶಿಕ್ಷಕರ ಸಂಘದ ರಾಜ್ಯ ಉಪಾಧ್ಯಕ್ಷ ಅಮರೇಶ ಮೈಲಾಪೂರ ಮುಷ್ಕರದಲ್ಲಿ ಪಾಲ್ಗೊಂಡು ಬೆಂಬಲ ವ್ಯಕ್ತಪಡಿಸಿದರು.

ಬಳಿಕ ಮಾತನಾಡಿ, 'ಮುಷ್ಕರದಿಂದ 3 ದಿನಗಳಲ್ಲಿ 67 ಸಾವಿರಕ್ಕೂ ಅಧಿಕ ಅರ್ಜಿಗಳು ಬಾಕಿ ಉಳಿದಿದ್ದು, ಸಾರ್ವಜನಿಕರಿಗೆ ತೀವ್ರ ತೊಂದರೆಯಾಗಿದೆ. ಗ್ರಾಮ ಆಡಳಿತ ಅಧಿಕಾರಿಗಳ ಸೇವೆಯು ತುರ್ತು ಸೇವೆ ಆಗಿರುವುದರಿಂದ ಸರ್ಕಾರ ಶೀಘ್ರವೇ ಬೇಡಿಕೆಗಳನ್ನು ಈಡೇರಿಸಬೇಕು' ಎಂದು ಒತ್ತಾಯಿಸಿದರು.

ರಾಜ್ಯ ಗ್ರಾಮ ಆಡಳಿತ ಅಧಿಕಾರಿಗಳ ಸಂಘದ ತಾಲ್ಲೂಕು ಘಟಕದ ಅಧ್ಯಕ್ಷ ಮಂಜುನಾಥ ದೇವರಮನಿ, ಗ್ರಾಮ ಆಡಳಿತಾಧಿಕಾರಿ ಮಂಜುನಾಥ ರಾಠೋಡ ಪ್ರತಿಕ್ರಿಯಿಸಿ, 'ಹಲವು ಕೊರತೆಗಳ ಮಧ್ಯೆ ಜನನ- ಮರಣ ಪ್ರಮಾಣ ಪತ್ರದಿಂದಿಂದ ಆರಂಭಿಸಿ ಯಾವುದೇ ರೀತಿಯ ಸೇವೆಗೆ ಸಿದ್ಧರಿರುವ ಗ್ರಾಮ ಆಡಳಿತ ಅಧಿಕಾರಿಗಳ ಕನಿಷ್ಠ ಬೇಡಿಕೆ ಈಡೇರಿಸುವಲ್ಲಿ ಸರ್ಕಾರ ಆಸಕ್ತಿ ತೋರುತ್ತಿಲ್ಲ. ಮುಷ್ಕರದಿಂದ ಜನಸಾಮಾನ್ಯರ ಸೇವೆ ಸಂಪೂರ್ಣ ಸ್ಥಗಿತಗೊಂಡಿದ್ದು, ಸರ್ಕಾರ ಬೇಡಿಕೆಗಳ ಈಡೇರಿಕೆಗೆ ತಕ್ಷಣವೇ ಮುಂದಾಗಬೇಕು' ಎಂದು ಹೇಳಿದರು.

ಮುಷ್ಕರದಲ್ಲಿ ಕಂದಾಯ ನಿರೀಕ್ಷಕರಾದ ಸಂಗಮ್ಮ ಹಿರೇಮಠ, ಶರಣಪ್ಪ ಬನ್ನಿಕೊಪ್ಪ ಪಾಲ್ಗೊಂಡು ಬೆಂಬಲ ವ್ಯಕ್ತಪಡಿಸಿದರು. ತಾಲ್ಲೂಕಿನ 18 ಗ್ರಾಮ ಆಡಳಿತ ಅಧಿಕಾರಿಗಳು ಮುಷ್ಕರದಲ್ಲಿ ಪಾಲ್ಗೊಂಡಿದ್ದಾರೆ.

ರಾಷ್ಟ್ರೀಯ ಕ್ರೀಡಾಕೂಟ-ಈಜು ವಿಭಾಗದಲ್ಲಿ ಕರ್ನಾಟಕದ ಶ್ರೀಹರಿ ಹಾಗೂ ದಿನಿಧಿಗೆ ಪ್ರಶಸ್ತಿ
ಬದಲಾವಣೆ ಸುದ್ದಿ

ಬೆಂಗಳೂರು: ಉತ್ತರಾಖಂಡ್‌ನಲ್ಲಿ ಇತ್ತೀಚೆಗೆ ಜರುಗಿದ ರಾಷ್ಟ್ರೀಯ ಕ್ರೀಡಾಕೂಟದ ಈಜು ವಿಭಾಗದ ಸ್ಪರ್ಧೆಗಳಲ್ಲಿ ಕರ್ನಾಟಕ ಸ್ವಿಮ್ಮಿಂಗ್ ಅಸೋಸಿಯೇಷನ್‌ನಿಂದ ಪ್ರತಿನಿಧಿಸಿದ್ದ ಶ್ರೀಹರಿ ನಟರಾಜ್ ಅವರು ಅತ್ಯುತ್ತಮ ಪುರುಷ ಈಜುಪಟು ಹಾಗೂ ದಿನಿಧಿ ದೇಸಿಂಗು ಅವರು ಅತ್ಯುತ್ತಮ ಮಹಿಳಾ ಈಜುಪಟು ಪ್ರಶಸ್ತಿಗಳನ್ನು ತಮ್ಮದಾಗಿಸಿಕೊಂಡಿದ್ದಾರೆ. ಕ್ರೀಡಾಪಟುಗಳ ಈ ಸಾಧನೆ ಸ್ಫೂರ್ತಿದಾಯಕವಾಗಿದೆ ಹಾಗೂ ರಾಜ್ಯಕ್ಕೆ ಹೆಮ್ಮೆಯ ಸಂಗತಿಯಾಗಿದೆ ಎಂದು ಕರ್ನಾಟಕ ಸ್ವಿಮ್ಮಿಂಗ್ ಅಸೋಸಿಯೇಷನ್ ಅಧ್ಯಕ್ಷರಾದ ನಿವೃತ್ತ ಐಪಿಎಸ್ ಅಧಿಕಾರಿ ಗೋಪಾಲ್ ಹೊಸೂರ್ ಪ್ರಕಟಣೆಯಲ್ಲಿ ತಿಳಿಸಿದ್ದಾರೆ.

Edited, Printed, Published & Owned by MANJUNATH G.GONDBAL At Vishwa Offeset Printers and Publishers, Taluka Panchayath Complex, Koppal-583231.
Karanataka Phone: 9483468333, 9448300070, email:badalavanedailykoppal@gmail.com
